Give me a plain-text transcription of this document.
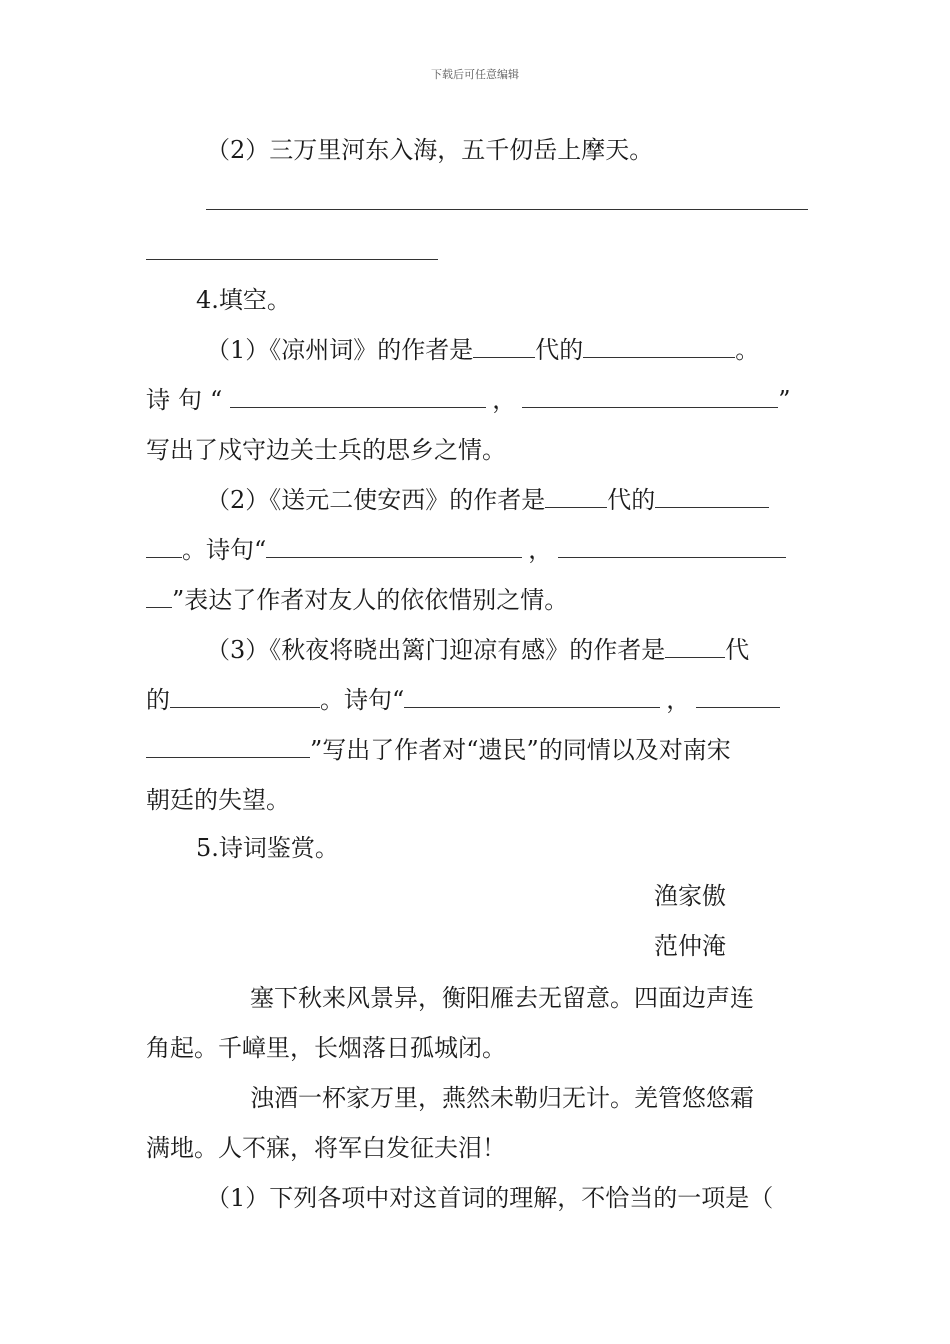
下载后可任意编辑
（2）三万里河东入海，五千仞岳上摩天。
4.填空。
（1）《凉州词》的作者是	代的	。
诗句“	，	”
写出了戍守边关士兵的思乡之情。
（2）《送元二使安西》的作者是	代的
。诗句“	，
”表达了作者对友人的依依惜别之情。
（3）《秋夜将晓出篱门迎凉有感》的作者是	代
的	。诗句“	，
”写出了作者对“遗民”的同情以及对南宋
朝廷的失望。
5.诗词鉴赏。
渔家傲
范仲淹
塞下秋来风景异，衡阳雁去无留意。四面边声连
角起。千嶂里，长烟落日孤城闭。
浊酒一杯家万里，燕然未勒归无计。羌管悠悠霜
满地。人不寐，将军白发征夫泪！
（1）下列各项中对这首词的理解，不恰当的一项是（
